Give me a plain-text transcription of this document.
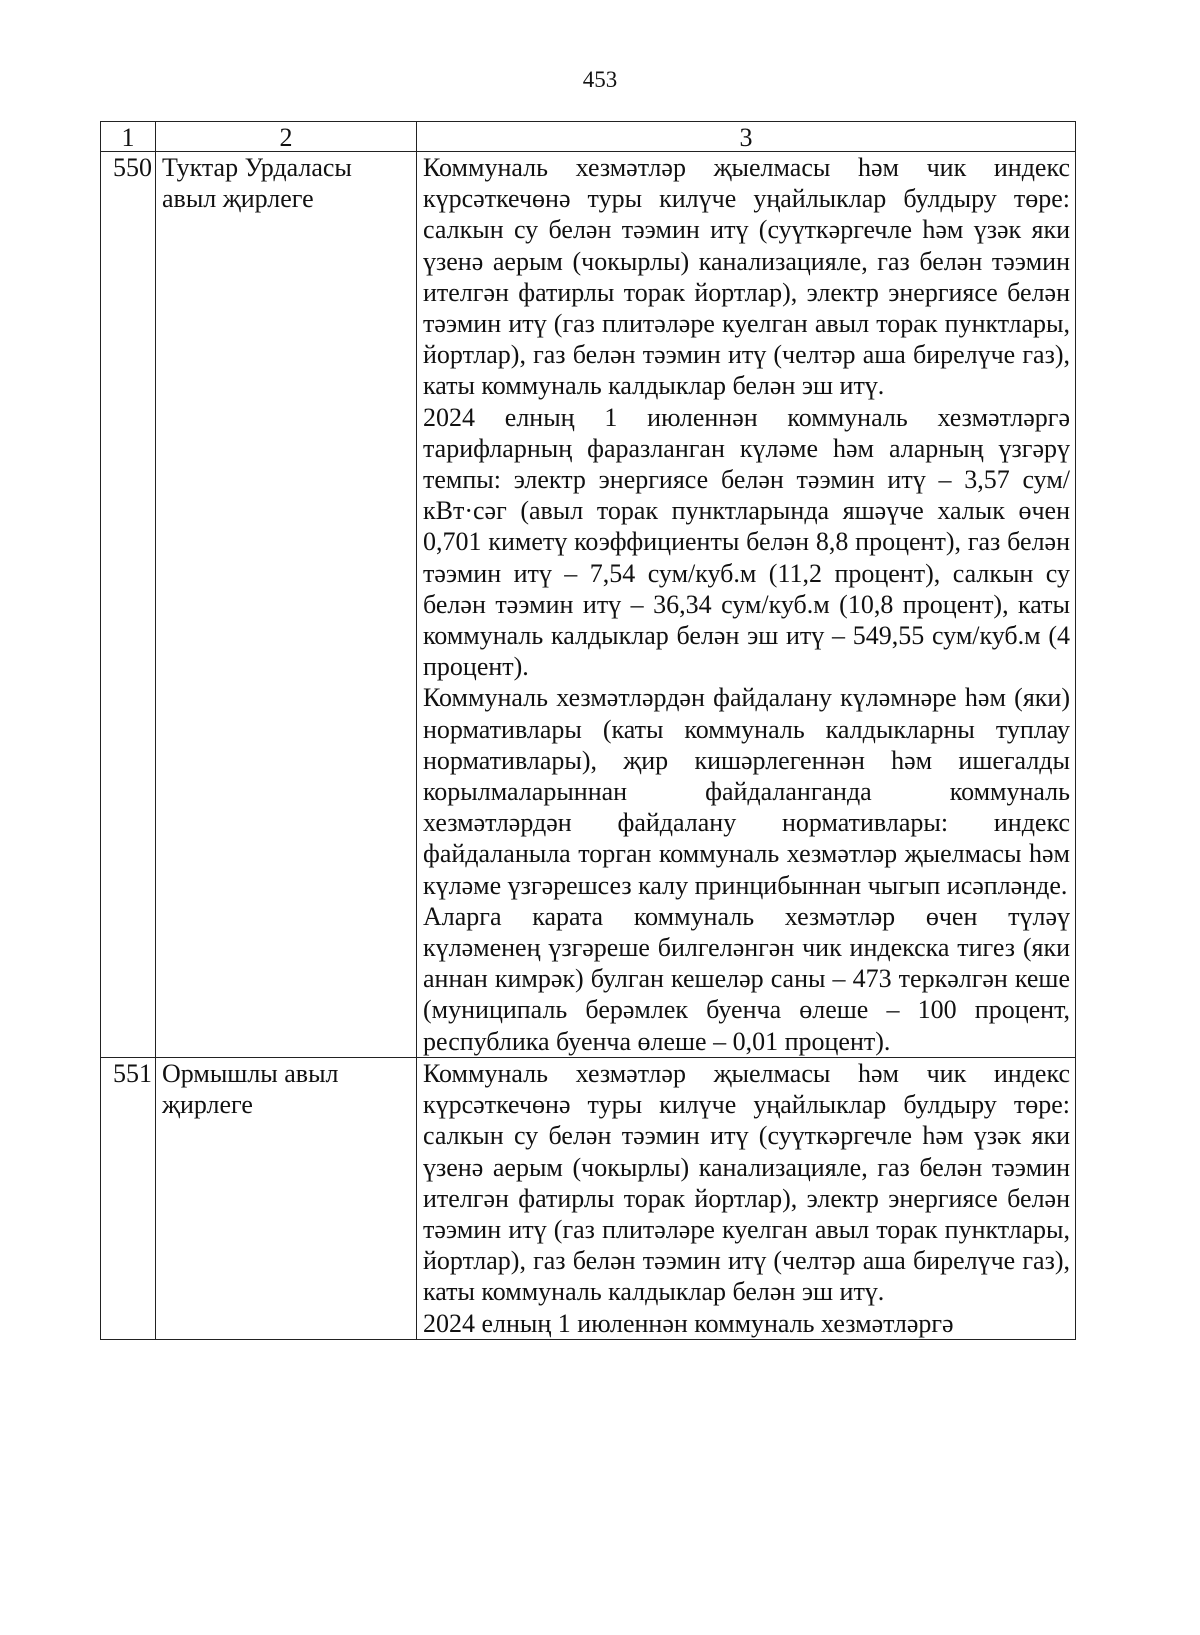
453
1	2	3
550	Туктар Урдаласы авыл җирлеге	Коммуналь хезмәтләр җыелмасы һәм чик индекс күрсәткечөнә туры килүче уңайлыклар булдыру төре: салкын су белән тәэмин итү (суүткәргечле һәм үзәк яки үзенә аерым (чокырлы) канализацияле, газ белән тәэмин ителгән фатирлы торак йортлар), электр энергиясе белән тәэмин итү (газ плитәләре куелган авыл торак пунктлары, йортлар), газ белән тәэмин итү (челтәр аша бирелүче газ), каты коммуналь калдыклар белән эш итү.

2024 елның 1 июленнән коммуналь хезмәтләргә тарифларның фаразланган күләме һәм аларның үзгәрү темпы: электр энергиясе белән тәэмин итү – 3,57 сум/кВт·сәг (авыл торак пунктларында яшәүче халык өчен 0,701 киметү коэффициенты белән 8,8 процент), газ белән тәэмин итү – 7,54 сум/куб.м (11,2 процент), салкын су белән тәэмин итү – 36,34 сум/куб.м (10,8 процент), каты коммуналь калдыклар белән эш итү – 549,55 сум/куб.м (4 процент).

Коммуналь хезмәтләрдән файдалану күләмнәре һәм (яки) нормативлары (каты коммуналь калдыкларны туплау нормативлары), җир кишәрлегеннән һәм ишегалды корылмаларыннан файдаланганда коммуналь хезмәтләрдән файдалану нормативлары: индекс файдаланыла торган коммуналь хезмәтләр җыелмасы һәм күләме үзгәрешсез калу принцибыннан чыгып исәпләнде.

Аларга карата коммуналь хезмәтләр өчен түләү күләменең үзгәреше билгеләнгән чик индекска тигез (яки аннан кимрәк) булган кешеләр саны – 473 теркәлгән кеше (муниципаль берәмлек буенча өлеше – 100 процент, республика буенча өлеше – 0,01 процент).

551	Ормышлы авыл җирлеге	Коммуналь хезмәтләр җыелмасы һәм чик индекс күрсәткечөнә туры килүче уңайлыклар булдыру төре: салкын су белән тәэмин итү (суүткәргечле һәм үзәк яки үзенә аерым (чокырлы) канализацияле, газ белән тәэмин ителгән фатирлы торак йортлар), электр энергиясе белән тәэмин итү (газ плитәләре куелган авыл торак пунктлары, йортлар), газ белән тәэмин итү (челтәр аша бирелүче газ), каты коммуналь калдыклар белән эш итү.

2024 елның 1 июленнән коммуналь хезмәтләргә
